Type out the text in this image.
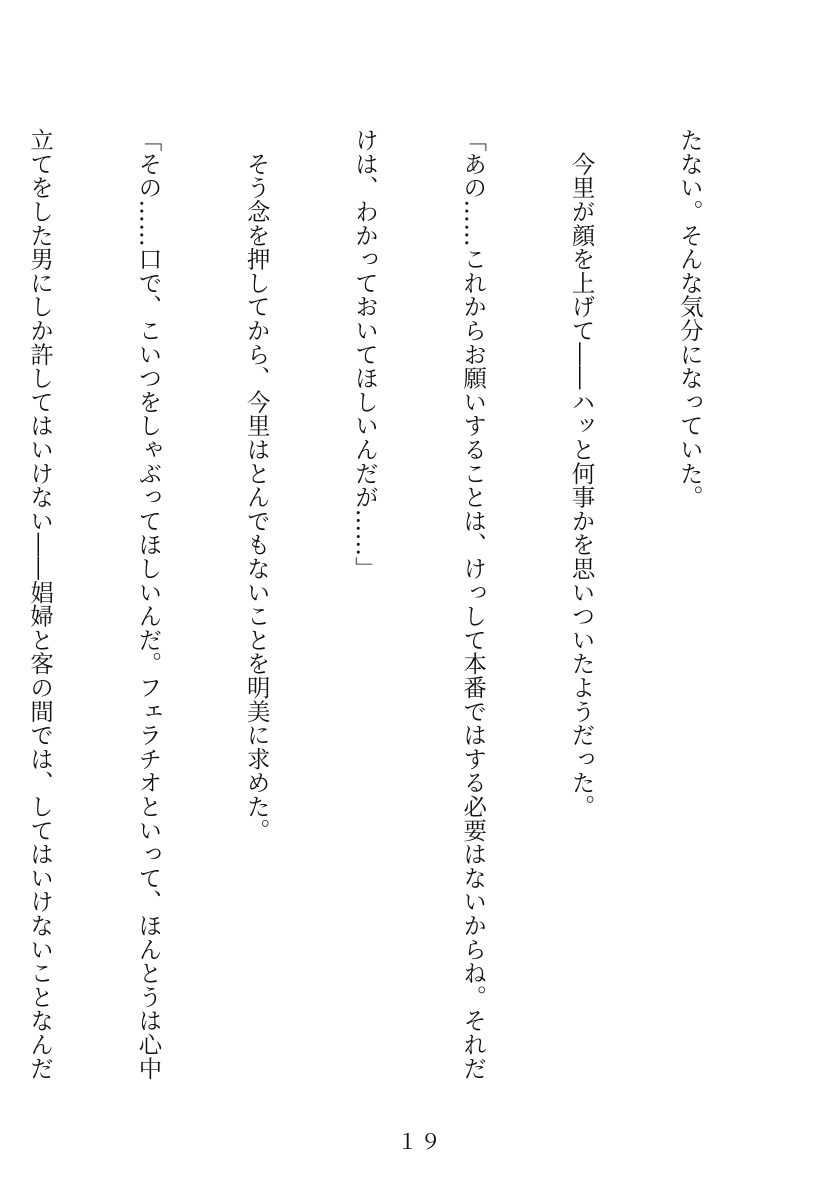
たない。そんな気分になっていた。

　今里が顔を上げて――ハッと何事かを思いついたようだった。

「あの……これからお願いすることは、けっして本番ではする必要はないからね。それだ

けは、わかっておいてほしいんだが……」

　そう念を押してから、今里はとんでもないことを明美に求めた。

「その……口で、こいつをしゃぶってほしいんだ。フェラチオといって、ほんとうは心中

立てをした男にしか許してはいけない――娼婦と客の間では、してはいけないことなんだ

１９
